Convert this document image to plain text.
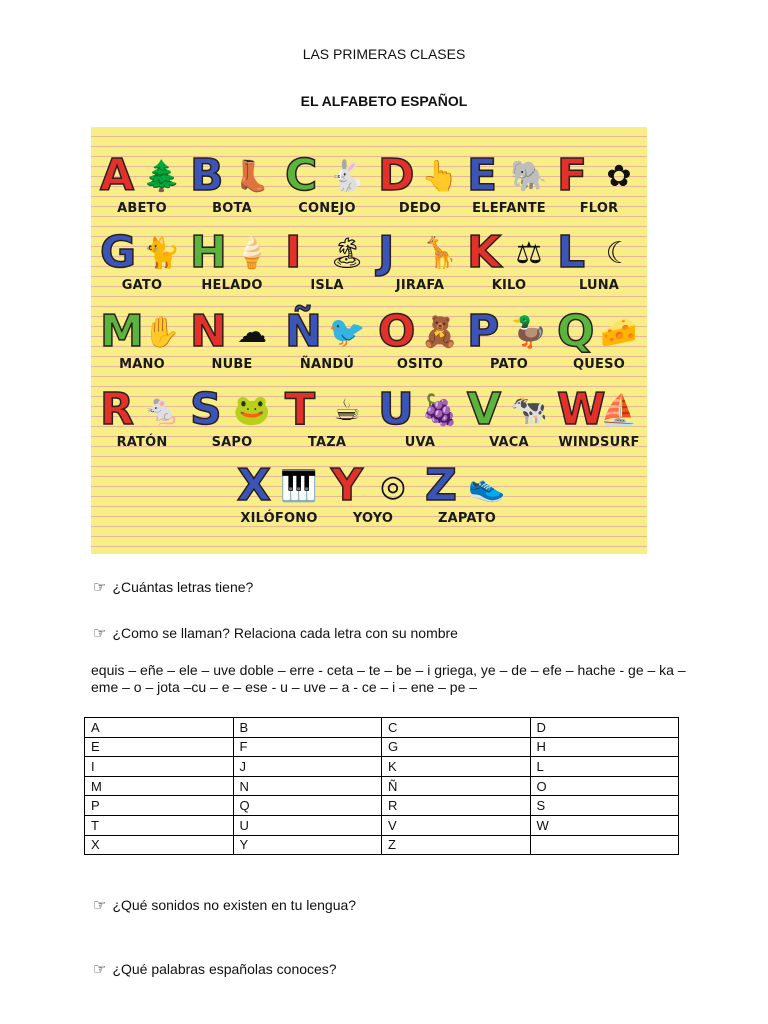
LAS PRIMERAS CLASES
EL ALFABETO ESPAÑOL
A 🌲
ABETO
B 👢
BOTA
C 🐇
CONEJO
D 👆
DEDO
E 🐘
ELEFANTE
F ✿
FLOR
G 🐈
GATO
H 🍦
HELADO
I 🏝
ISLA
J 🦒
JIRAFA
K ⚖
KILO
L ☾
LUNA
M ✋
MANO
N ☁
NUBE
Ñ 🐦
ÑANDÚ
O 🧸
OSITO
P 🦆
PATO
Q 🧀
QUESO
R 🐁
RATÓN
S 🐸
SAPO
T ☕
TAZA
U 🍇
UVA
V 🐄
VACA
W
⛵
WINDSURF
X 🎹
XILÓFONO
Y ◎
YOYO
Z 👟
ZAPATO
☞ ¿Cuántas letras tiene?
☞ ¿Como se llaman? Relaciona cada letra con su nombre
equis – eñe – ele – uve doble – erre - ceta – te – be – i griega, ye – de – efe – hache - ge – ka – eme – o – jota –cu – e – ese - u – uve – a - ce – i – ene – pe –
A	B	C	D
E	F	G	H
I	J	K	L
M	N	Ñ	O
P	Q	R	S
T	U	V	W
X	Y	Z	
☞ ¿Qué sonidos no existen en tu lengua?
☞ ¿Qué palabras españolas conoces?
